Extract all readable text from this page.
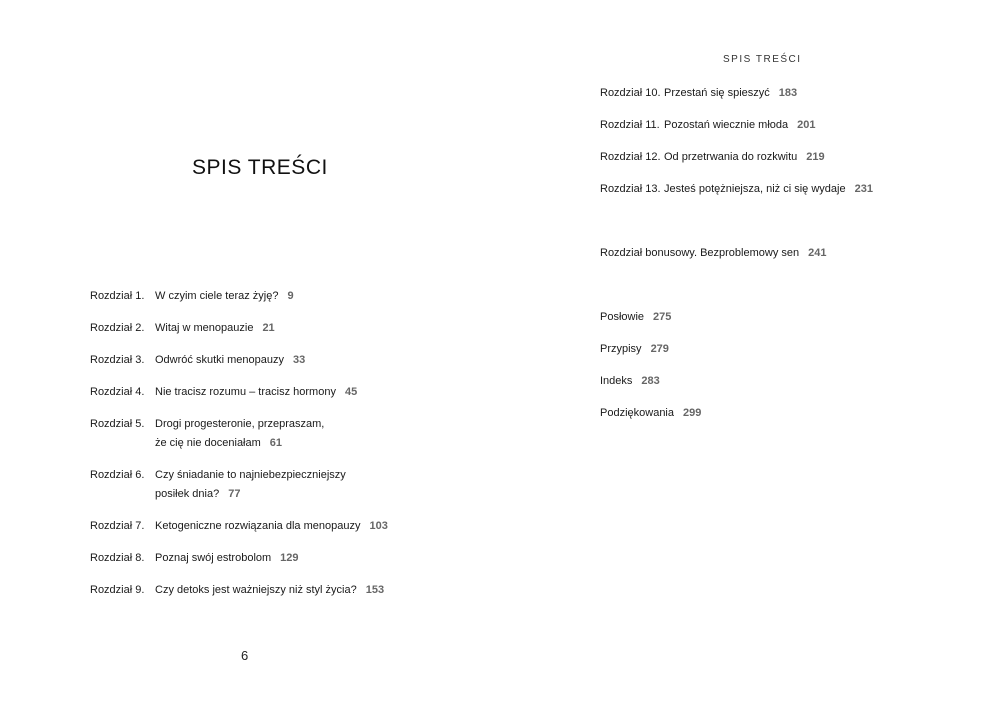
SPIS TREŚCI
Rozdział 1. W czyim ciele teraz żyję? 9
Rozdział 2. Witaj w menopauzie 21
Rozdział 3. Odwróć skutki menopauzy 33
Rozdział 4. Nie tracisz rozumu – tracisz hormony 45
Rozdział 5. Drogi progesteronie, przepraszam,
że cię nie doceniałam 61
Rozdział 6. Czy śniadanie to najniebezpieczniejszy
posiłek dnia? 77
Rozdział 7. Ketogeniczne rozwiązania dla menopauzy 103
Rozdział 8. Poznaj swój estrobolom 129
Rozdział 9. Czy detoks jest ważniejszy niż styl życia? 153
6
SPIS TREŚCI
Rozdział 10. Przestań się spieszyć 183
Rozdział 11. Pozostań wiecznie młoda 201
Rozdział 12. Od przetrwania do rozkwitu 219
Rozdział 13. Jesteś potężniejsza, niż ci się wydaje 231
Rozdział bonusowy. Bezproblemowy sen 241
Posłowie 275
Przypisy 279
Indeks 283
Podziękowania 299
